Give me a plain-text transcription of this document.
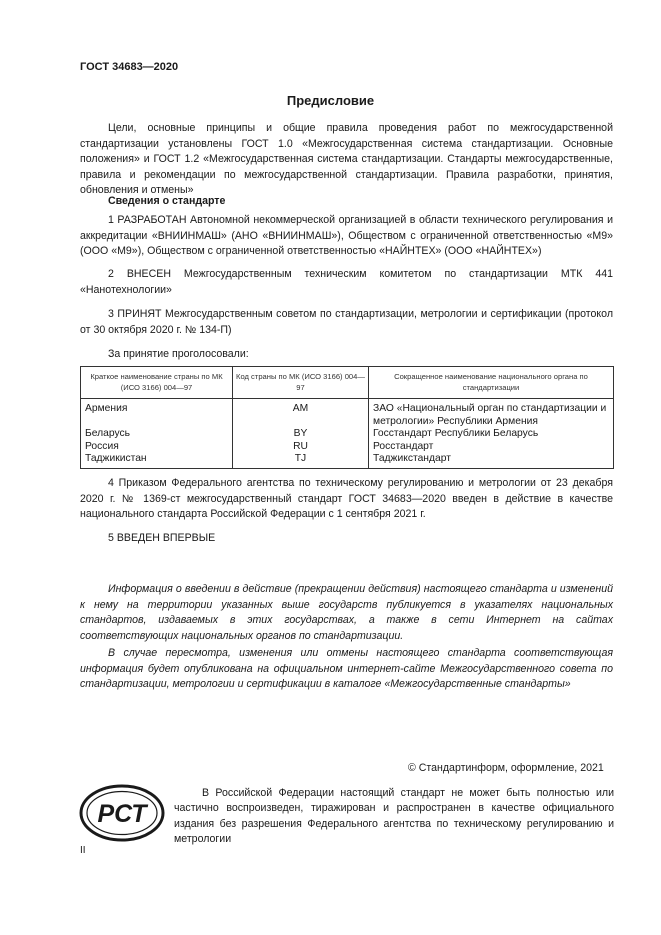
ГОСТ 34683—2020
Предисловие

Цели, основные принципы и общие правила проведения работ по межгосударственной стандартизации установлены ГОСТ 1.0 «Межгосударственная система стандартизации. Основные положения» и ГОСТ 1.2 «Межгосударственная система стандартизации. Стандарты межгосударственные, правила и рекомендации по межгосударственной стандартизации. Правила разработки, принятия, обновления и отмены»

Сведения о стандарте

1 РАЗРАБОТАН Автономной некоммерческой организацией в области технического регулирования и аккредитации «ВНИИНМАШ» (АНО «ВНИИНМАШ»), Обществом с ограниченной ответственностью «М9» (ООО «М9»), Обществом с ограниченной ответственностью «НАЙНТЕХ» (ООО «НАЙНТЕХ»)

2 ВНЕСЕН Межгосударственным техническим комитетом по стандартизации МТК 441 «Нанотехнологии»

3 ПРИНЯТ Межгосударственным советом по стандартизации, метрологии и сертификации (протокол от 30 октября 2020 г. № 134-П)

За принятие проголосовали:
Краткое наименование страны по МК (ИСО 3166) 004—97	Код страны по МК (ИСО 3166) 004—97	Сокращенное наименование национального органа по стандартизации
Армения	AM	ЗАО «Национальный орган по стандартизации и метрологии» Республики Армения
Беларусь	BY	Госстандарт Республики Беларусь
Россия	RU	Росстандарт
Таджикистан	TJ	Таджикстандарт

4 Приказом Федерального агентства по техническому регулированию и метрологии от 23 декабря 2020 г. № 1369-ст межгосударственный стандарт ГОСТ 34683—2020 введен в действие в качестве национального стандарта Российской Федерации с 1 сентября 2021 г.

5 ВВЕДЕН ВПЕРВЫЕ

Информация о введении в действие (прекращении действия) настоящего стандарта и изменений к нему на территории указанных выше государств публикуется в указателях национальных стандартов, издаваемых в этих государствах, а также в сети Интернет на сайтах соответствующих национальных органов по стандартизации.

В случае пересмотра, изменения или отмены настоящего стандарта соответствующая информация будет опубликована на официальном интернет-сайте Межгосударственного совета по стандартизации, метрологии и сертификации в каталоге «Межгосударственные стандарты»

© Стандартинформ, оформление, 2021
РСТ

В Российской Федерации настоящий стандарт не может быть полностью или частично воспроизведен, тиражирован и распространен в качестве официального издания без разрешения Федерального агентства по техническому регулированию и метрологии

II
